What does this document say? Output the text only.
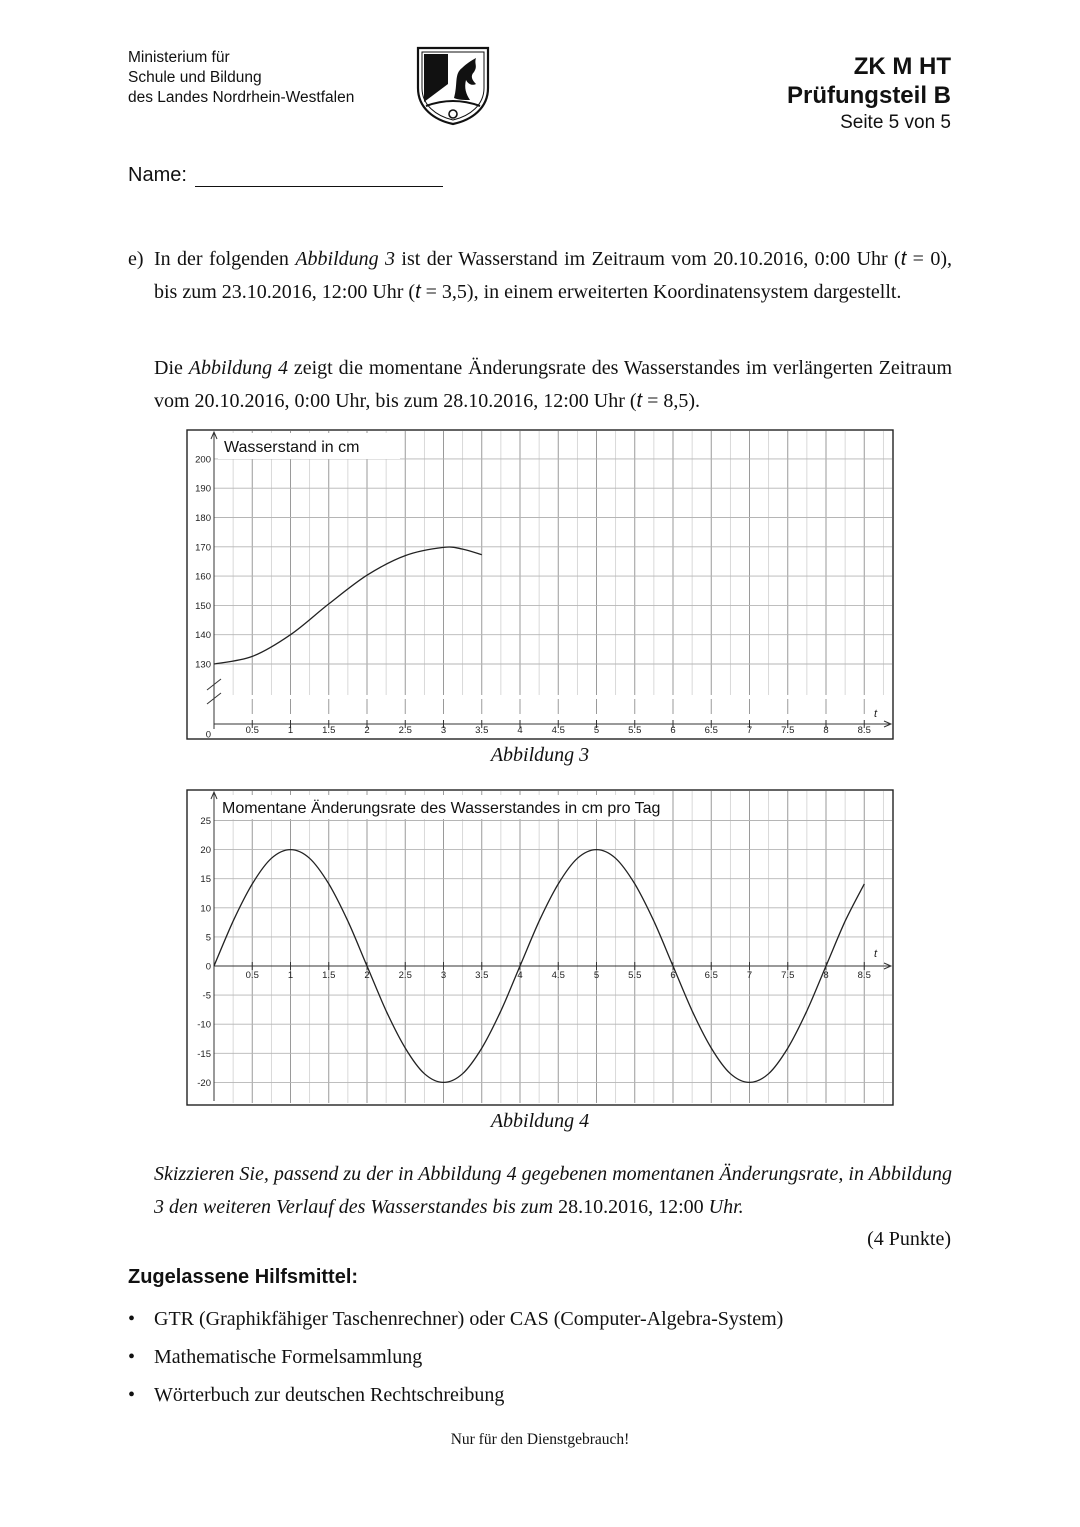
Ministerium für
Schule und Bildung
des Landes Nordrhein-Westfalen
ZK M HT
Prüfungsteil B
Seite 5 von 5
Name:
e) In der folgenden Abbildung 3 ist der Wasserstand im Zeitraum vom 20.10.2016, 0:00 Uhr (t = 0), bis zum 23.10.2016, 12:00 Uhr (t = 3,5), in einem erweiterten Koordinatensystem dargestellt.
Die Abbildung 4 zeigt die momentane Änderungsrate des Wasserstandes im verlängerten Zeitraum vom 20.10.2016, 0:00 Uhr, bis zum 28.10.2016, 12:00 Uhr (t = 8,5).
0.5	1	1.5	2	2.5	3	3.5	4	4.5	5	5.5	6	6.5	7	7.5	8	8.5
0
130
140
150
160
170
180
190
200
t
Wasserstand in cm
Abbildung 3
0.5	1	1.5	2	2.5	3	3.5	4	4.5	5	5.5	6	6.5	7	7.5	8	8.5
25
20
15
10
5
0
-5
-10
-15
-20
t
Momentane Änderungsrate des Wasserstandes in cm pro Tag
Abbildung 4
Skizzieren Sie, passend zu der in Abbildung 4 gegebenen momentanen Änderungsrate, in Abbildung 3 den weiteren Verlauf des Wasserstandes bis zum 28.10.2016, 12:00 Uhr.
(4 Punkte)
Zugelassene Hilfsmittel:
• GTR (Graphikfähiger Taschenrechner) oder CAS (Computer-Algebra-System)
• Mathematische Formelsammlung
• Wörterbuch zur deutschen Rechtschreibung
Nur für den Dienstgebrauch!
